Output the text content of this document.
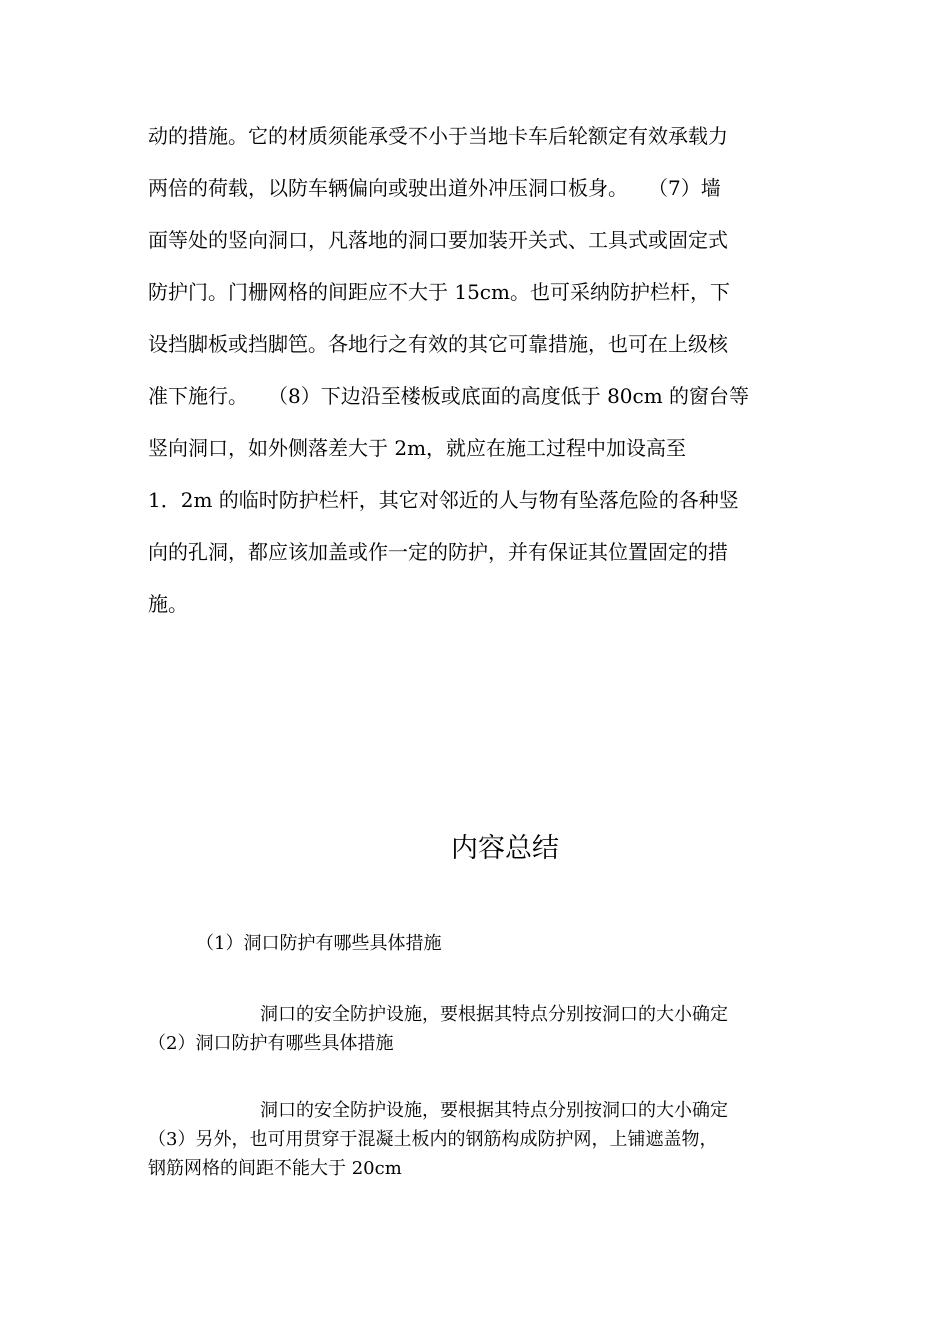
动的措施。它的材质须能承受不小于当地卡车后轮额定有效承载力
两倍的荷载，以防车辆偏向或驶出道外冲压洞口板身。　　（7）墙
面等处的竖向洞口，凡落地的洞口要加装开关式、工具式或固定式
防护门。门栅网格的间距应不大于 15cm。也可采纳防护栏杆，下
设挡脚板或挡脚笆。各地行之有效的其它可靠措施，也可在上级核
准下施行。　　（8）下边沿至楼板或底面的高度低于 80cm 的窗台等
竖向洞口，如外侧落差大于 2m，就应在施工过程中加设高至
1．2m 的临时防护栏杆，其它对邻近的人与物有坠落危险的各种竖
向的孔洞，都应该加盖或作一定的防护，并有保证其位置固定的措
施。
内容总结
（1）洞口防护有哪些具体措施
洞口的安全防护设施，要根据其特点分别按洞口的大小确定
（2）洞口防护有哪些具体措施
洞口的安全防护设施，要根据其特点分别按洞口的大小确定
（3）另外，也可用贯穿于混凝土板内的钢筋构成防护网，上铺遮盖物，
钢筋网格的间距不能大于 20cm
